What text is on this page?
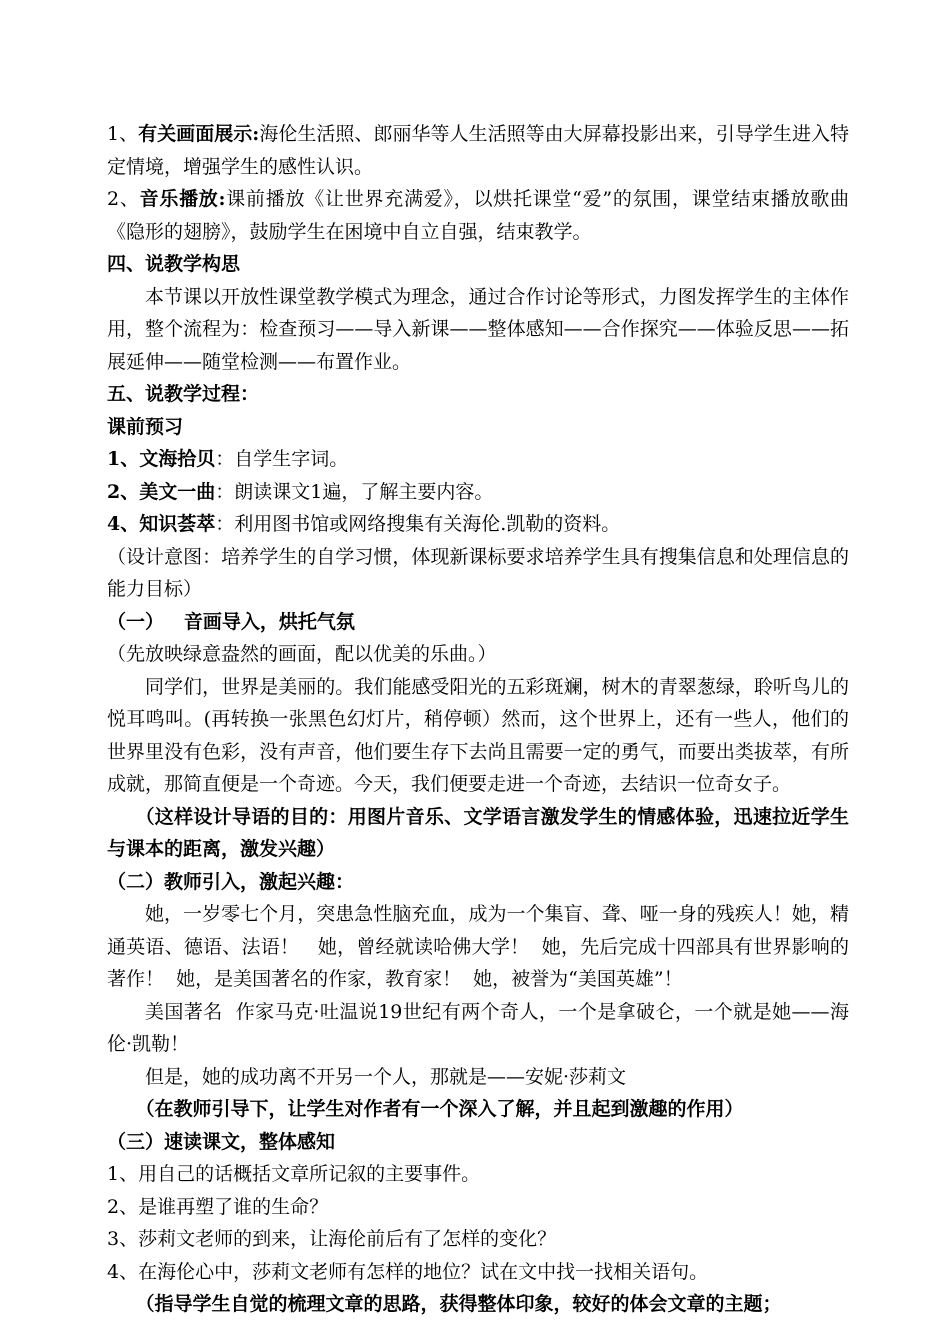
1、有关画面展示:海伦生活照、郎丽华等人生活照等由大屏幕投影出来，引导学生进入特定情境，增强学生的感性认识。

2、音乐播放:课前播放《让世界充满爱》，以烘托课堂“爱”的氛围，课堂结束播放歌曲《隐形的翅膀》，鼓励学生在困境中自立自强，结束教学。

四、说教学构思

本节课以开放性课堂教学模式为理念，通过合作讨论等形式，力图发挥学生的主体作用，整个流程为：检查预习——导入新课——整体感知——合作探究——体验反思——拓展延伸——随堂检测——布置作业。

五、说教学过程：

课前预习

1、文海拾贝：自学生字词。

2、美文一曲：朗读课文1遍，了解主要内容。

4、知识荟萃：利用图书馆或网络搜集有关海伦.凯勒的资料。

（设计意图：培养学生的自学习惯，体现新课标要求培养学生具有搜集信息和处理信息的能力目标）

（一）   音画导入，烘托气氛

（先放映绿意盎然的画面，配以优美的乐曲。）

同学们，世界是美丽的。我们能感受阳光的五彩斑斓，树木的青翠葱绿，聆听鸟儿的悦耳鸣叫。(再转换一张黑色幻灯片，稍停顿）然而，这个世界上，还有一些人，他们的世界里没有色彩，没有声音，他们要生存下去尚且需要一定的勇气，而要出类拔萃，有所成就，那简直便是一个奇迹。今天，我们便要走进一个奇迹，去结识一位奇女子。

（这样设计导语的目的：用图片音乐、文学语言激发学生的情感体验，迅速拉近学生与课本的距离，激发兴趣）

（二）教师引入，激起兴趣：

她，一岁零七个月，突患急性脑充血，成为一个集盲、聋、哑一身的残疾人！她，精通英语、德语、法语！   她，曾经就读哈佛大学！  她，先后完成十四部具有世界影响的著作！  她，是美国著名的作家，教育家！  她，被誉为“美国英雄”！

美国著名  作家马克·吐温说19世纪有两个奇人，一个是拿破仑，一个就是她——海伦·凯勒！

但是，她的成功离不开另一个人，那就是——安妮·莎莉文

（在教师引导下，让学生对作者有一个深入了解，并且起到激趣的作用）

（三）速读课文，整体感知

1、用自己的话概括文章所记叙的主要事件。

2、是谁再塑了谁的生命？

3、莎莉文老师的到来，让海伦前后有了怎样的变化？

4、在海伦心中，莎莉文老师有怎样的地位？试在文中找一找相关语句。

（指导学生自觉的梳理文章的思路，获得整体印象，较好的体会文章的主题；
